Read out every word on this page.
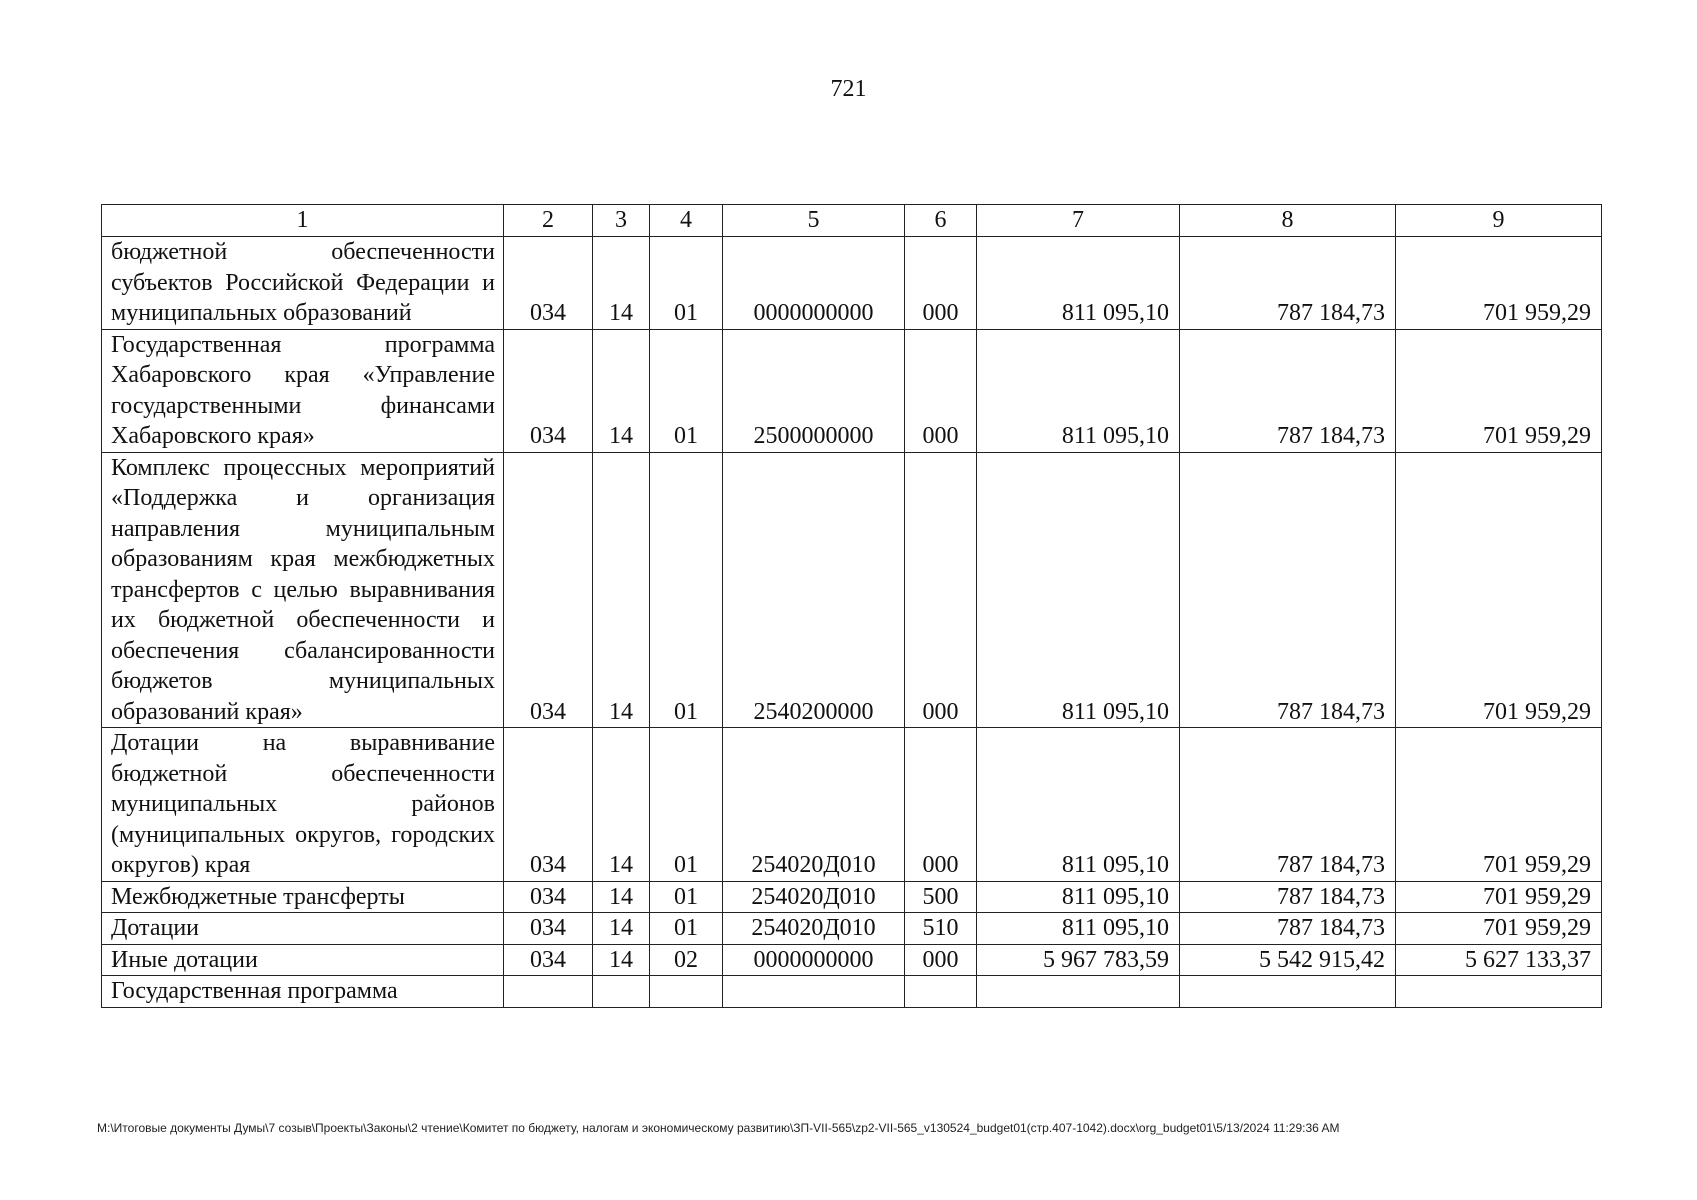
721
1	2	3	4	5	6	7	8	9
бюджетной обеспеченности субъектов Российской Федерации и муниципальных образований	034	14	01	0000000000	000	811 095,10	787 184,73	701 959,29
Государственная программа Хабаровского края «Управление государственными финансами Хабаровского края»	034	14	01	2500000000	000	811 095,10	787 184,73	701 959,29
Комплекс процессных мероприятий «Поддержка и организация направления муниципальным образованиям края межбюджетных трансфертов с целью выравнивания их бюджетной обеспеченности и обеспечения сбалансированности бюджетов муниципальных образований края»	034	14	01	2540200000	000	811 095,10	787 184,73	701 959,29
Дотации на выравнивание бюджетной обеспеченности муниципальных районов (муниципальных округов, городских округов) края	034	14	01	254020Д010	000	811 095,10	787 184,73	701 959,29
Межбюджетные трансферты	034	14	01	254020Д010	500	811 095,10	787 184,73	701 959,29
Дотации	034	14	01	254020Д010	510	811 095,10	787 184,73	701 959,29
Иные дотации	034	14	02	0000000000	000	5 967 783,59	5 542 915,42	5 627 133,37
Государственная программа								
M:\Итоговые документы Думы\7 созыв\Проекты\Законы\2 чтение\Комитет по бюджету, налогам и экономическому развитию\ЗП-VII-565\zp2-VII-565_v130524_budget01(стр.407-1042).docx\org_budget01\5/13/2024 11:29:36 AM
